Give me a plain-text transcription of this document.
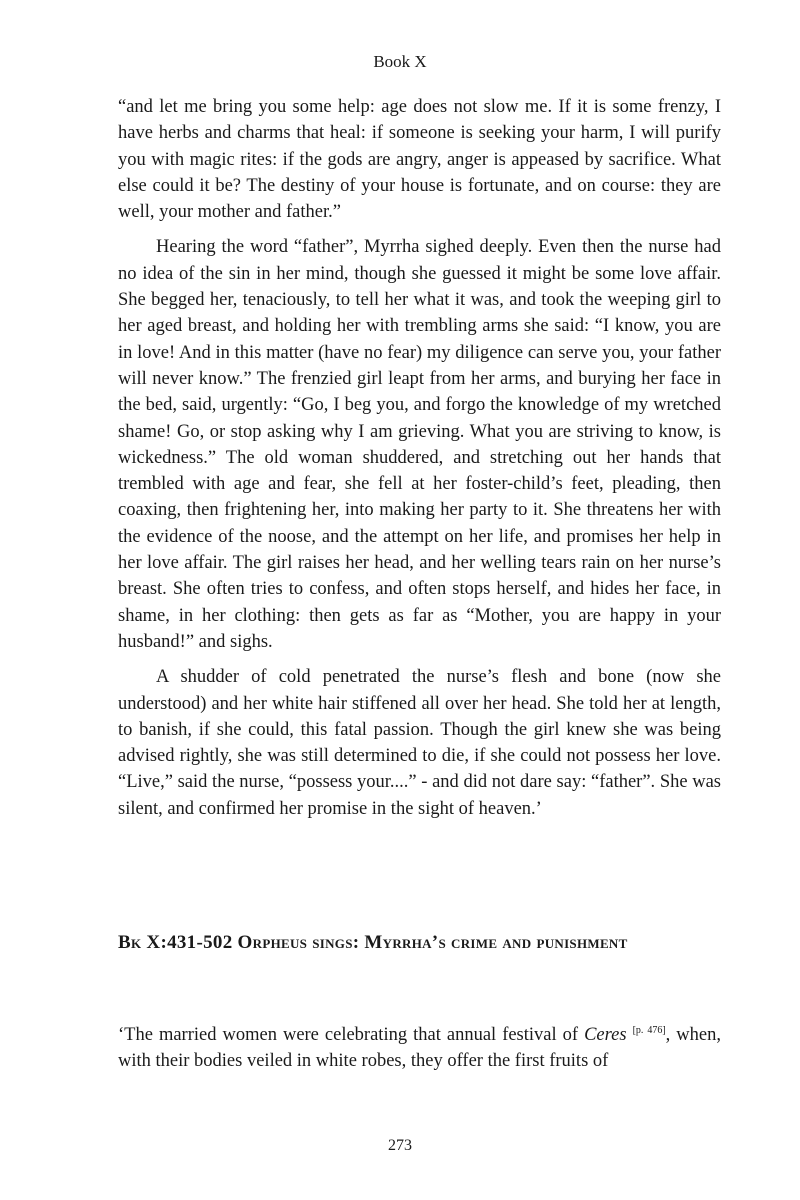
Book X

“and let me bring you some help: age does not slow me. If it is some frenzy, I have herbs and charms that heal: if someone is seeking your harm, I will purify you with magic rites: if the gods are angry, anger is appeased by sacrifice. What else could it be? The destiny of your house is fortunate, and on course: they are well, your mother and father.”

Hearing the word “father”, Myrrha sighed deeply. Even then the nurse had no idea of the sin in her mind, though she guessed it might be some love affair. She begged her, tenaciously, to tell her what it was, and took the weeping girl to her aged breast, and holding her with trembling arms she said: “I know, you are in love! And in this matter (have no fear) my diligence can serve you, your father will never know.” The frenzied girl leapt from her arms, and burying her face in the bed, said, urgently: “Go, I beg you, and forgo the knowledge of my wretched shame! Go, or stop asking why I am grieving. What you are striving to know, is wickedness.” The old woman shuddered, and stretching out her hands that trembled with age and fear, she fell at her foster-child’s feet, pleading, then coaxing, then frightening her, into making her party to it. She threatens her with the evidence of the noose, and the attempt on her life, and promises her help in her love affair. The girl raises her head, and her welling tears rain on her nurse’s breast. She often tries to confess, and often stops herself, and hides her face, in shame, in her clothing: then gets as far as “Mother, you are happy in your husband!” and sighs.

A shudder of cold penetrated the nurse’s flesh and bone (now she understood) and her white hair stiffened all over her head. She told her at length, to banish, if she could, this fatal passion. Though the girl knew she was being advised rightly, she was still determined to die, if she could not possess her love. “Live,” said the nurse, “possess your....” - and did not dare say: “father”. She was silent, and confirmed her promise in the sight of heaven.’

Bk X:431-502 Orpheus sings: Myrrha’s crime and punishment

‘The married women were celebrating that annual festival of Ceres [p. 476], when, with their bodies veiled in white robes, they offer the first fruits of

273
